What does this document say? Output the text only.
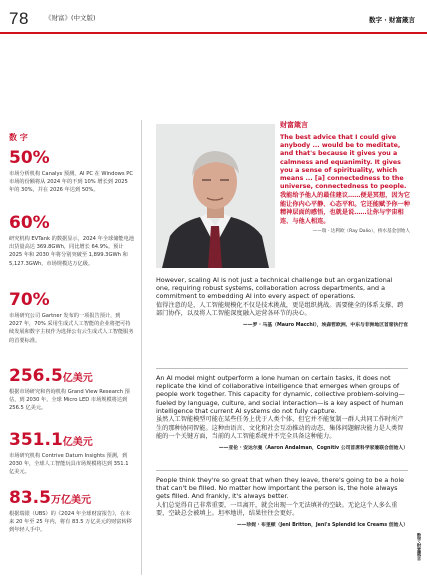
78 《财富》(中文版)	数字 · 财富箴言
数 字
50%
市场分析机构 Canalys 预测，AI PC 在 Windows PC 市场的份额将从 2024 年的不到 10% 增长到 2025 年的 30%，并在 2026 年达到 50%。
60%
研究机构 EVTank 的数据显示，2024 年全球储能电池出货量高达 369.8GWh，同比增长 64.9%。预计 2025 年和 2030 年将分别突破至 1,899.3GWh 和 5,127.3GWh，市场规模达万亿级。
70%
市场研究公司 Gartner 发布的一项报告预计，到 2027 年，70% 采用生成式人工智能的企业将把可持续发展和数字主权作为选择公有云生成式人工智能服务的首要标准。
256.5亿美元
根据市场研究和咨询机构 Grand View Research 预估，到 2030 年，全球 Micro LED 市场规模将达到 256.5 亿美元。
351.1亿美元
市场研究机构 Contrive Datum Insights 预测，到 2030 年，全球人工智能玩具市场规模将达到 351.1 亿美元。
83.5万亿美元
根据瑞银（UBS）的《2024 年全球财富报告》，在未来 20 年至 25 年内，将有 83.5 万亿美元的财富转移到年轻人手中。
财富箴言
The best advice that I could give anybody ... would be to meditate, and that's because it gives you a calmness and equanimity. It gives you a sense of spirituality, which means ... [a] connectedness to the universe, connectedness to people.
我能给予他人的最佳建议……便是冥想，因为它能让你内心平静、心态平和。它还能赋予你一种精神层面的感悟，也就是说……让你与宇宙相连、与他人相连。
——瑞 · 达利欧（Ray Dalio），桥水基金创始人
However, scaling AI is not just a technical challenge but an organizational one, requiring robust systems, collaboration across departments, and a commitment to embedding AI into every aspect of operations.
值得注意的是，人工智能规模化不仅是技术挑战，更是组织挑战。需要健全的体系支撑、跨部门协作，以及将人工智能深度融入运营各环节的决心。
——罗 · 马基（Mauro Macchi），埃森哲欧洲、中东与非洲地区首席执行官
An AI model might outperform a lone human on certain tasks, it does not replicate the kind of collaborative intelligence that emerges when groups of people work together. This capacity for dynamic, collective problem-solving—fueled by language, culture, and social interaction—is a key aspect of human intelligence that current AI systems do not fully capture.
虽然人工智能模型可能在某些任务上优于人类个体，但它并不能复制一群人共同工作时所产生的那种协同智能。这种由语言、文化和社会互动推动的动态、集体问题解决能力是人类智能的一个关键方面，当前的人工智能系统并不完全具备这种能力。
——亚伦 · 安达尔曼（Aaron Andalman，Cognitiv 公司首席科学家兼联合创始人）
People think they're so great that when they leave, there's going to be a hole that can't be filled. No matter how important the person is, the hole always gets filled. And frankly, it's always better.
人们总觉得自己非常重要，一旦离开，就会出现一个无法填补的空缺。无论这个人多么重要，空缺总会被填上。坦率地讲，结果往往会更好。
——珍妮 · 布里顿（Jeni Britton，Jeni's Splendid Ice Creams 创始人）
数字·财富箴言
